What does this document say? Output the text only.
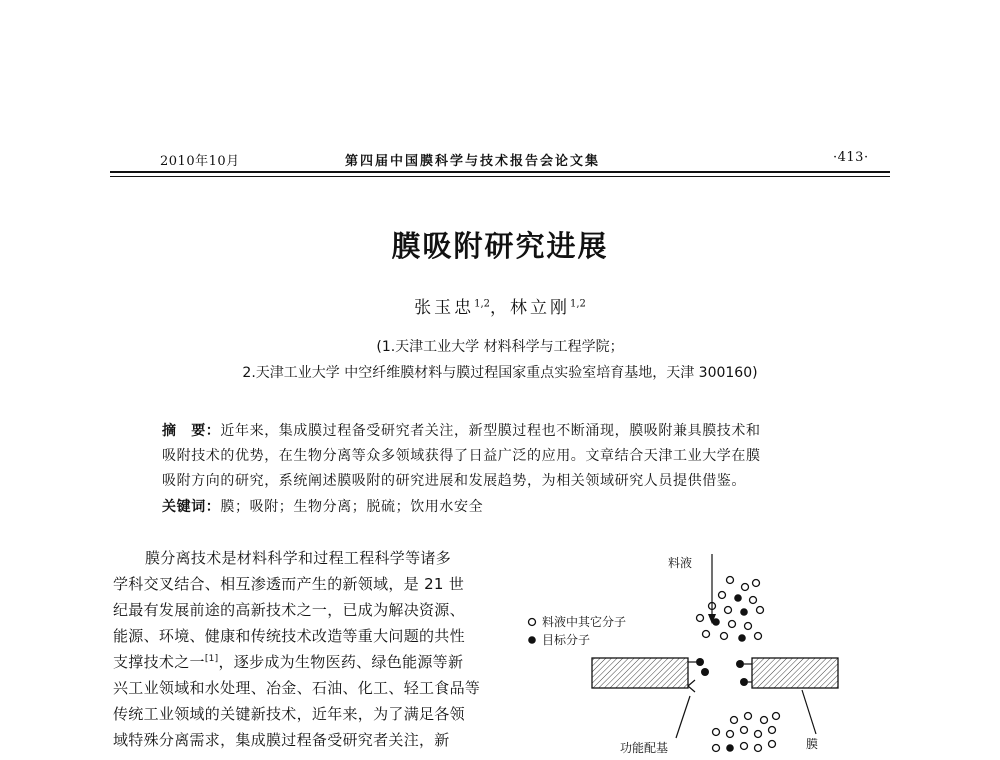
2010年10月	第四届中国膜科学与技术报告会论文集	·413·
膜吸附研究进展
张玉忠$^{1,2}$，林立刚$^{1,2}$
(1.天津工业大学 材料科学与工程学院；
2.天津工业大学 中空纤维膜材料与膜过程国家重点实验室培育基地，天津 300160)
摘　要：近年来，集成膜过程备受研究者关注，新型膜过程也不断涌现，膜吸附兼具膜技术和
吸附技术的优势，在生物分离等众多领域获得了日益广泛的应用。文章结合天津工业大学在膜
吸附方向的研究，系统阐述膜吸附的研究进展和发展趋势，为相关领域研究人员提供借鉴。
关键词：膜；吸附；生物分离；脱硫；饮用水安全
膜分离技术是材料科学和过程工程科学等诸多
学科交叉结合、相互渗透而产生的新领域，是 21 世
纪最有发展前途的高新技术之一，已成为解决资源、
能源、环境、健康和传统技术改造等重大问题的共性
支撑技术之一[1]，逐步成为生物医药、绿色能源等新
兴工业领域和水处理、冶金、石油、化工、轻工食品等
传统工业领域的关键新技术，近年来，为了满足各领
域特殊分离需求，集成膜过程备受研究者关注，新
料液
料液中其它分子
目标分子
功能配基	膜
